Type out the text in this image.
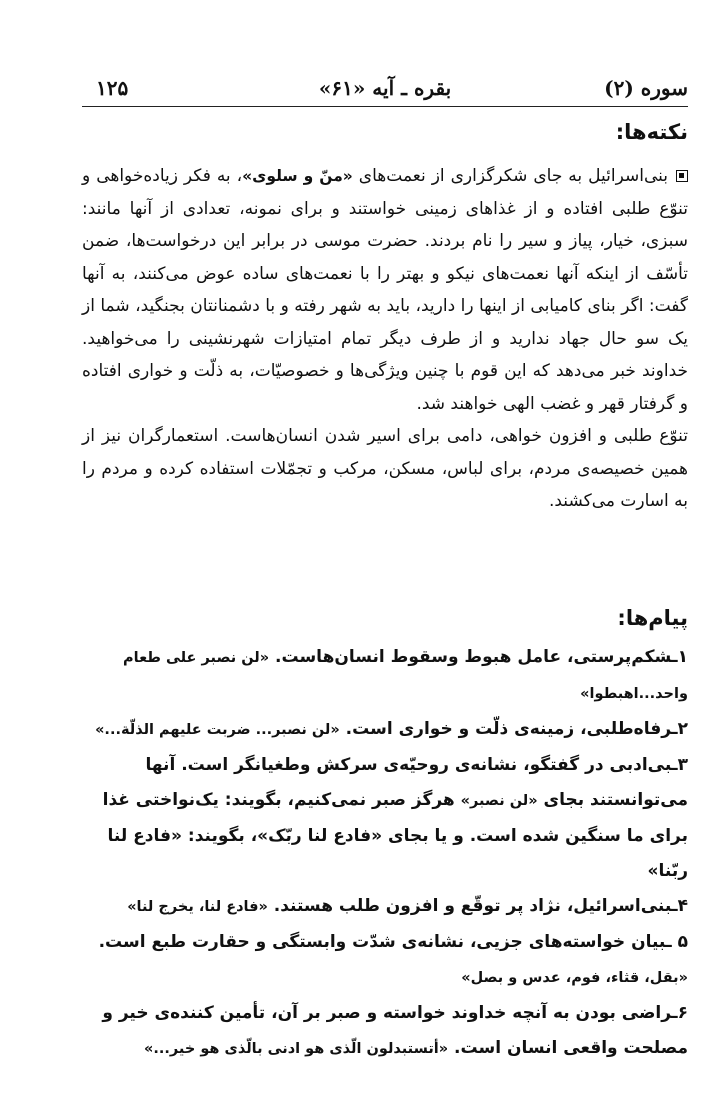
سوره (۲)
بقره ـ آیه «۶۱»
۱۲۵
نکته‌ها:

بنی‌اسرائیل به جای شکرگزاری از نعمت‌های «منّ و سلوی»، به فکر زیاده‌خواهی و تنوّع طلبی افتاده و از غذاهای زمینی خواستند و برای نمونه، تعدادی از آنها مانند: سبزی، خیار، پیاز و سیر را نام بردند. حضرت موسی در برابر این درخواست‌ها، ضمن تأسّف از اینکه آنها نعمت‌های نیکو و بهتر را با نعمت‌های ساده عوض می‌کنند، به آنها گفت: اگر بنای کامیابی از اینها را دارید، باید به شهر رفته و با دشمنانتان بجنگید، شما از یک سو حال جهاد ندارید و از طرف دیگر تمام امتیازات شهرنشینی را می‌خواهید. خداوند خبر می‌دهد که این قوم با چنین ویژگی‌ها و خصوصیّات، به ذلّت و خواری افتاده و گرفتار قهر و غضب الهی خواهند شد.

تنوّع طلبی و افزون خواهی، دامی برای اسیر شدن انسان‌هاست. استعمارگران نیز از همین خصیصه‌ی مردم، برای لباس، مسکن، مرکب و تجمّلات استفاده کرده و مردم را به اسارت می‌کشند.

پیام‌ها:

۱ـشکم‌پرستی، عامل هبوط وسقوط انسان‌هاست. «لن نصبر علی طعام واحد...اهبطوا»

۲ـرفاه‌طلبی، زمینه‌ی ذلّت و خواری است. «لن نصبر... ضربت علیهم الذلّة...»

۳ـبی‌ادبی در گفتگو، نشانه‌ی روحیّه‌ی سرکش وطغیانگر است. آنها می‌توانستند بجای «لن نصبر» هرگز صبر نمی‌کنیم، بگویند: یک‌نواختی غذا برای ما سنگین شده است. و یا بجای «فادع لنا ربّک»، بگویند: «فادع لنا ربّنا»

۴ـبنی‌اسرائیل، نژاد پر توقّع و افزون طلب هستند. «فادع لنا، یخرج لنا»

۵ ـبیان خواسته‌های جزیی، نشانه‌ی شدّت وابستگی و حقارت طبع است. «بقل، قثاء، فوم، عدس و بصل»

۶ـراضی بودن به آنچه خداوند خواسته و صبر بر آن، تأمین کننده‌ی خیر و مصلحت واقعی انسان است. «أتستبدلون الّذی هو ادنی بالّذی هو خیر...»
